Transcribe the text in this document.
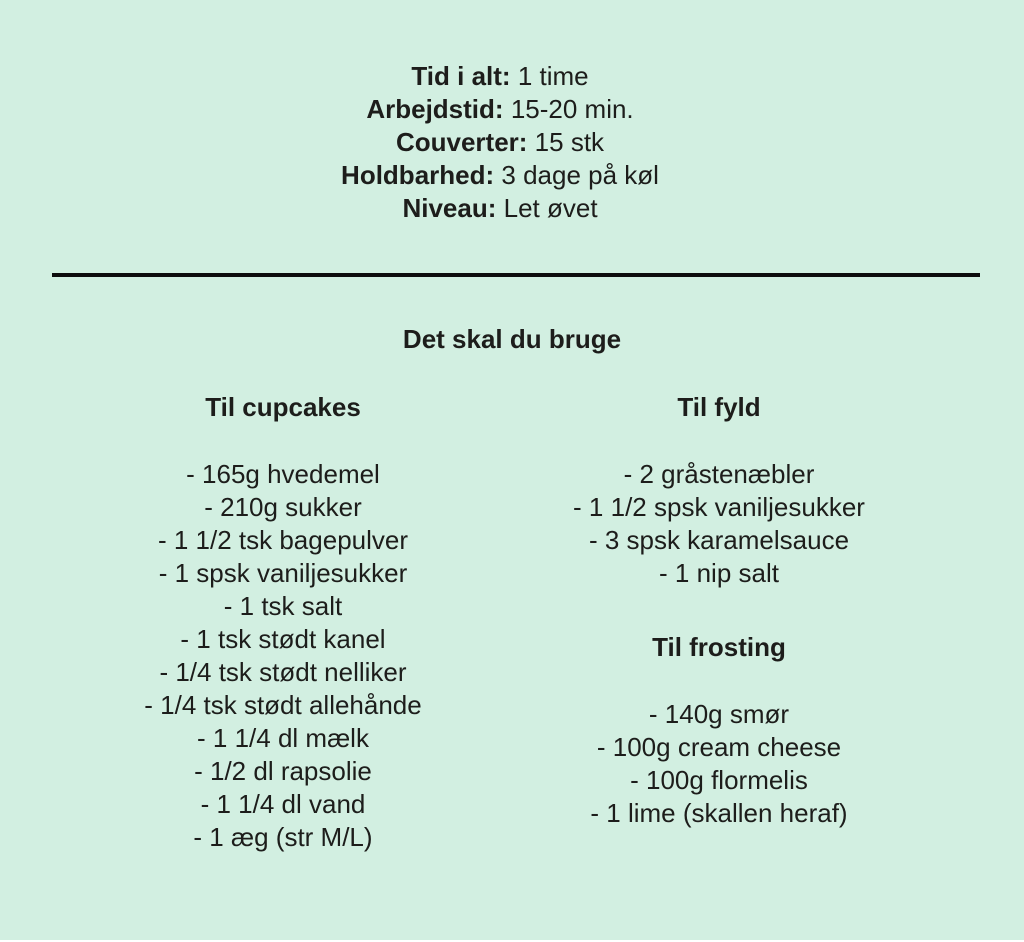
Tid i alt: 1 time
Arbejdstid: 15-20 min.
Couverter: 15 stk
Holdbarhed: 3 dage på køl
Niveau: Let øvet
Det skal du bruge
Til cupcakes
- 165g hvedemel
- 210g sukker
- 1 1/2 tsk bagepulver
- 1 spsk vaniljesukker
- 1 tsk salt
- 1 tsk stødt kanel
- 1/4 tsk stødt nelliker
- 1/4 tsk stødt allehånde
- 1 1/4 dl mælk
- 1/2 dl rapsolie
- 1 1/4 dl vand
- 1 æg (str M/L)
Til fyld
- 2 gråstenæbler
- 1 1/2 spsk vaniljesukker
- 3 spsk karamelsauce
- 1 nip salt
Til frosting
- 140g smør
- 100g cream cheese
- 100g flormelis
- 1 lime (skallen heraf)
